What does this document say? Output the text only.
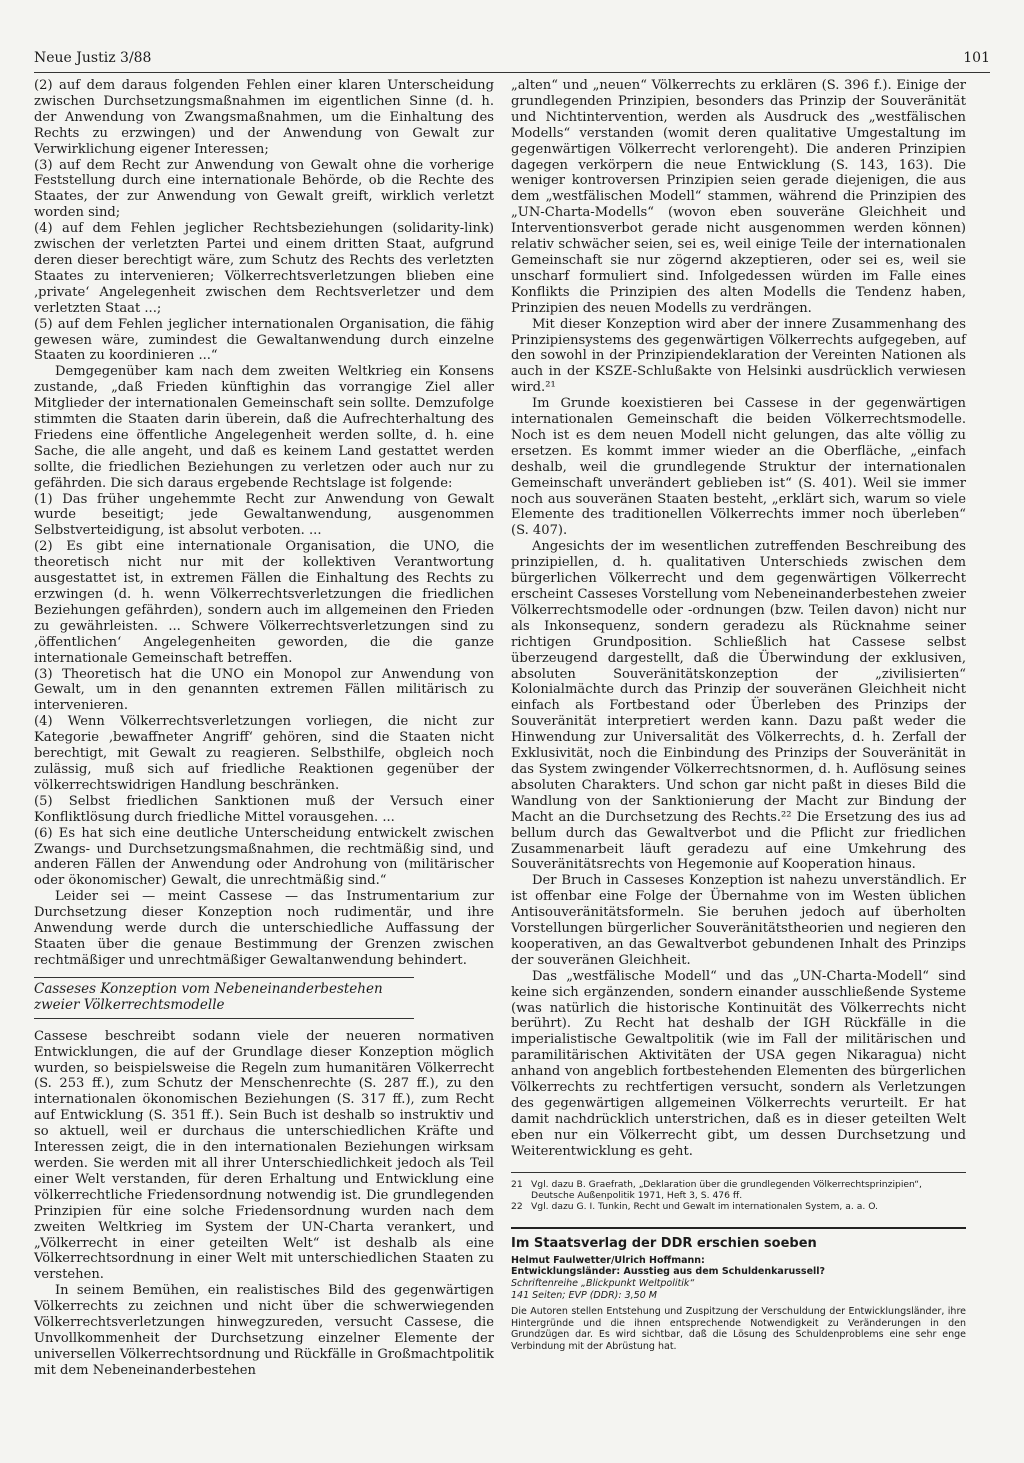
Neue Justiz 3/88	101

(2) auf dem daraus folgenden Fehlen einer klaren Unterscheidung zwischen Durchsetzungsmaßnahmen im eigentlichen Sinne (d. h. der Anwendung von Zwangsmaßnahmen, um die Einhaltung des Rechts zu erzwingen) und der Anwendung von Gewalt zur Verwirklichung eigener Interessen;

(3) auf dem Recht zur Anwendung von Gewalt ohne die vorherige Feststellung durch eine internationale Behörde, ob die Rechte des Staates, der zur Anwendung von Gewalt greift, wirklich verletzt worden sind;

(4) auf dem Fehlen jeglicher Rechtsbeziehungen (solidarity-link) zwischen der verletzten Partei und einem dritten Staat, aufgrund deren dieser berechtigt wäre, zum Schutz des Rechts des verletzten Staates zu intervenieren; Völkerrechtsverletzungen blieben eine ‚private‘ Angelegenheit zwischen dem Rechtsverletzer und dem verletzten Staat ...;

(5) auf dem Fehlen jeglicher internationalen Organisation, die fähig gewesen wäre, zumindest die Gewaltanwendung durch einzelne Staaten zu koordinieren ...“

Demgegenüber kam nach dem zweiten Weltkrieg ein Konsens zustande, „daß Frieden künftighin das vorrangige Ziel aller Mitglieder der internationalen Gemeinschaft sein sollte. Demzufolge stimmten die Staaten darin überein, daß die Aufrechterhaltung des Friedens eine öffentliche Angelegenheit werden sollte, d. h. eine Sache, die alle angeht, und daß es keinem Land gestattet werden sollte, die friedlichen Beziehungen zu verletzen oder auch nur zu gefährden. Die sich daraus ergebende Rechtslage ist folgende:

(1) Das früher ungehemmte Recht zur Anwendung von Gewalt wurde beseitigt; jede Gewaltanwendung, ausgenommen Selbstverteidigung, ist absolut verboten. ...

(2) Es gibt eine internationale Organisation, die UNO, die theoretisch nicht nur mit der kollektiven Verantwortung ausgestattet ist, in extremen Fällen die Einhaltung des Rechts zu erzwingen (d. h. wenn Völkerrechtsverletzungen die friedlichen Beziehungen gefährden), sondern auch im allgemeinen den Frieden zu gewährleisten. ... Schwere Völkerrechtsverletzungen sind zu ‚öffentlichen‘ Angelegenheiten geworden, die die ganze internationale Gemeinschaft betreffen.

(3) Theoretisch hat die UNO ein Monopol zur Anwendung von Gewalt, um in den genannten extremen Fällen militärisch zu intervenieren.

(4) Wenn Völkerrechtsverletzungen vorliegen, die nicht zur Kategorie ‚bewaffneter Angriff‘ gehören, sind die Staaten nicht berechtigt, mit Gewalt zu reagieren. Selbsthilfe, obgleich noch zulässig, muß sich auf friedliche Reaktionen gegenüber der völkerrechtswidrigen Handlung beschränken.

(5) Selbst friedlichen Sanktionen muß der Versuch einer Konfliktlösung durch friedliche Mittel vorausgehen. ...

(6) Es hat sich eine deutliche Unterscheidung entwickelt zwischen Zwangs- und Durchsetzungsmaßnahmen, die rechtmäßig sind, und anderen Fällen der Anwendung oder Androhung von (militärischer oder ökonomischer) Gewalt, die unrechtmäßig sind.“

Leider sei — meint Cassese — das Instrumentarium zur Durchsetzung dieser Konzeption noch rudimentär, und ihre Anwendung werde durch die unterschiedliche Auffassung der Staaten über die genaue Bestimmung der Grenzen zwischen rechtmäßiger und unrechtmäßiger Gewaltanwendung behindert.

Casseses Konzeption vom Nebeneinanderbestehen zweier Völkerrechtsmodelle

Cassese beschreibt sodann viele der neueren normativen Entwicklungen, die auf der Grundlage dieser Konzeption möglich wurden, so beispielsweise die Regeln zum humanitären Völkerrecht (S. 253 ff.), zum Schutz der Menschenrechte (S. 287 ff.), zu den internationalen ökonomischen Beziehungen (S. 317 ff.), zum Recht auf Entwicklung (S. 351 ff.). Sein Buch ist deshalb so instruktiv und so aktuell, weil er durchaus die unterschiedlichen Kräfte und Interessen zeigt, die in den internationalen Beziehungen wirksam werden. Sie werden mit all ihrer Unterschiedlichkeit jedoch als Teil einer Welt verstanden, für deren Erhaltung und Entwicklung eine völkerrechtliche Friedensordnung notwendig ist. Die grundlegenden Prinzipien für eine solche Friedensordnung wurden nach dem zweiten Weltkrieg im System der UN-Charta verankert, und „Völkerrecht in einer geteilten Welt“ ist deshalb als eine Völkerrechtsordnung in einer Welt mit unterschiedlichen Staaten zu verstehen.

In seinem Bemühen, ein realistisches Bild des gegenwärtigen Völkerrechts zu zeichnen und nicht über die schwerwiegenden Völkerrechtsverletzungen hinwegzureden, versucht Cassese, die Unvollkommenheit der Durchsetzung einzelner Elemente der universellen Völkerrechtsordnung und Rückfälle in Großmachtpolitik mit dem Nebeneinanderbestehen

„alten“ und „neuen“ Völkerrechts zu erklären (S. 396 f.). Einige der grundlegenden Prinzipien, besonders das Prinzip der Souveränität und Nichtintervention, werden als Ausdruck des „westfälischen Modells“ verstanden (womit deren qualitative Umgestaltung im gegenwärtigen Völkerrecht verlorengeht). Die anderen Prinzipien dagegen verkörpern die neue Entwicklung (S. 143, 163). Die weniger kontroversen Prinzipien seien gerade diejenigen, die aus dem „westfälischen Modell“ stammen, während die Prinzipien des „UN-Charta-Modells“ (wovon eben souveräne Gleichheit und Interventionsverbot gerade nicht ausgenommen werden können) relativ schwächer seien, sei es, weil einige Teile der internationalen Gemeinschaft sie nur zögernd akzeptieren, oder sei es, weil sie unscharf formuliert sind. Infolgedessen würden im Falle eines Konflikts die Prinzipien des alten Modells die Tendenz haben, Prinzipien des neuen Modells zu verdrängen.

Mit dieser Konzeption wird aber der innere Zusammenhang des Prinzipiensystems des gegenwärtigen Völkerrechts aufgegeben, auf den sowohl in der Prinzipiendeklaration der Vereinten Nationen als auch in der KSZE-Schlußakte von Helsinki ausdrücklich verwiesen wird.²¹

Im Grunde koexistieren bei Cassese in der gegenwärtigen internationalen Gemeinschaft die beiden Völkerrechtsmodelle. Noch ist es dem neuen Modell nicht gelungen, das alte völlig zu ersetzen. Es kommt immer wieder an die Oberfläche, „einfach deshalb, weil die grundlegende Struktur der internationalen Gemeinschaft unverändert geblieben ist“ (S. 401). Weil sie immer noch aus souveränen Staaten besteht, „erklärt sich, warum so viele Elemente des traditionellen Völkerrechts immer noch überleben“ (S. 407).

Angesichts der im wesentlichen zutreffenden Beschreibung des prinzipiellen, d. h. qualitativen Unterschieds zwischen dem bürgerlichen Völkerrecht und dem gegenwärtigen Völkerrecht erscheint Casseses Vorstellung vom Nebeneinanderbestehen zweier Völkerrechtsmodelle oder -ordnungen (bzw. Teilen davon) nicht nur als Inkonsequenz, sondern geradezu als Rücknahme seiner richtigen Grundposition. Schließlich hat Cassese selbst überzeugend dargestellt, daß die Überwindung der exklusiven, absoluten Souveränitätskonzeption der „zivilisierten“ Kolonialmächte durch das Prinzip der souveränen Gleichheit nicht einfach als Fortbestand oder Überleben des Prinzips der Souveränität interpretiert werden kann. Dazu paßt weder die Hinwendung zur Universalität des Völkerrechts, d. h. Zerfall der Exklusivität, noch die Einbindung des Prinzips der Souveränität in das System zwingender Völkerrechtsnormen, d. h. Auflösung seines absoluten Charakters. Und schon gar nicht paßt in dieses Bild die Wandlung von der Sanktionierung der Macht zur Bindung der Macht an die Durchsetzung des Rechts.²² Die Ersetzung des ius ad bellum durch das Gewaltverbot und die Pflicht zur friedlichen Zusammenarbeit läuft geradezu auf eine Umkehrung des Souveränitätsrechts von Hegemonie auf Kooperation hinaus.

Der Bruch in Casseses Konzeption ist nahezu unverständlich. Er ist offenbar eine Folge der Übernahme von im Westen üblichen Antisouveränitätsformeln. Sie beruhen jedoch auf überholten Vorstellungen bürgerlicher Souveränitätstheorien und negieren den kooperativen, an das Gewaltverbot gebundenen Inhalt des Prinzips der souveränen Gleichheit.

Das „westfälische Modell“ und das „UN-Charta-Modell“ sind keine sich ergänzenden, sondern einander ausschließende Systeme (was natürlich die historische Kontinuität des Völkerrechts nicht berührt). Zu Recht hat deshalb der IGH Rückfälle in die imperialistische Gewaltpolitik (wie im Fall der militärischen und paramilitärischen Aktivitäten der USA gegen Nikaragua) nicht anhand von angeblich fortbestehenden Elementen des bürgerlichen Völkerrechts zu rechtfertigen versucht, sondern als Verletzungen des gegenwärtigen allgemeinen Völkerrechts verurteilt. Er hat damit nachdrücklich unterstrichen, daß es in dieser geteilten Welt eben nur ein Völkerrecht gibt, um dessen Durchsetzung und Weiterentwicklung es geht.

21 Vgl. dazu B. Graefrath, „Deklaration über die grundlegenden Völkerrechtsprinzipien“, Deutsche Außenpolitik 1971, Heft 3, S. 476 ff.
22 Vgl. dazu G. I. Tunkin, Recht und Gewalt im internationalen System, a. a. O.
Im Staatsverlag der DDR erschien soeben
Helmut Faulwetter/Ulrich Hoffmann:
Entwicklungsländer: Ausstieg aus dem Schuldenkarussell?
Schriftenreihe „Blickpunkt Weltpolitik“
141 Seiten; EVP (DDR): 3,50 M
Die Autoren stellen Entstehung und Zuspitzung der Verschuldung der Entwicklungsländer, ihre Hintergründe und die ihnen entsprechende Notwendigkeit zu Veränderungen in den Grundzügen dar. Es wird sichtbar, daß die Lösung des Schuldenproblems eine sehr enge Verbindung mit der Abrüstung hat.
